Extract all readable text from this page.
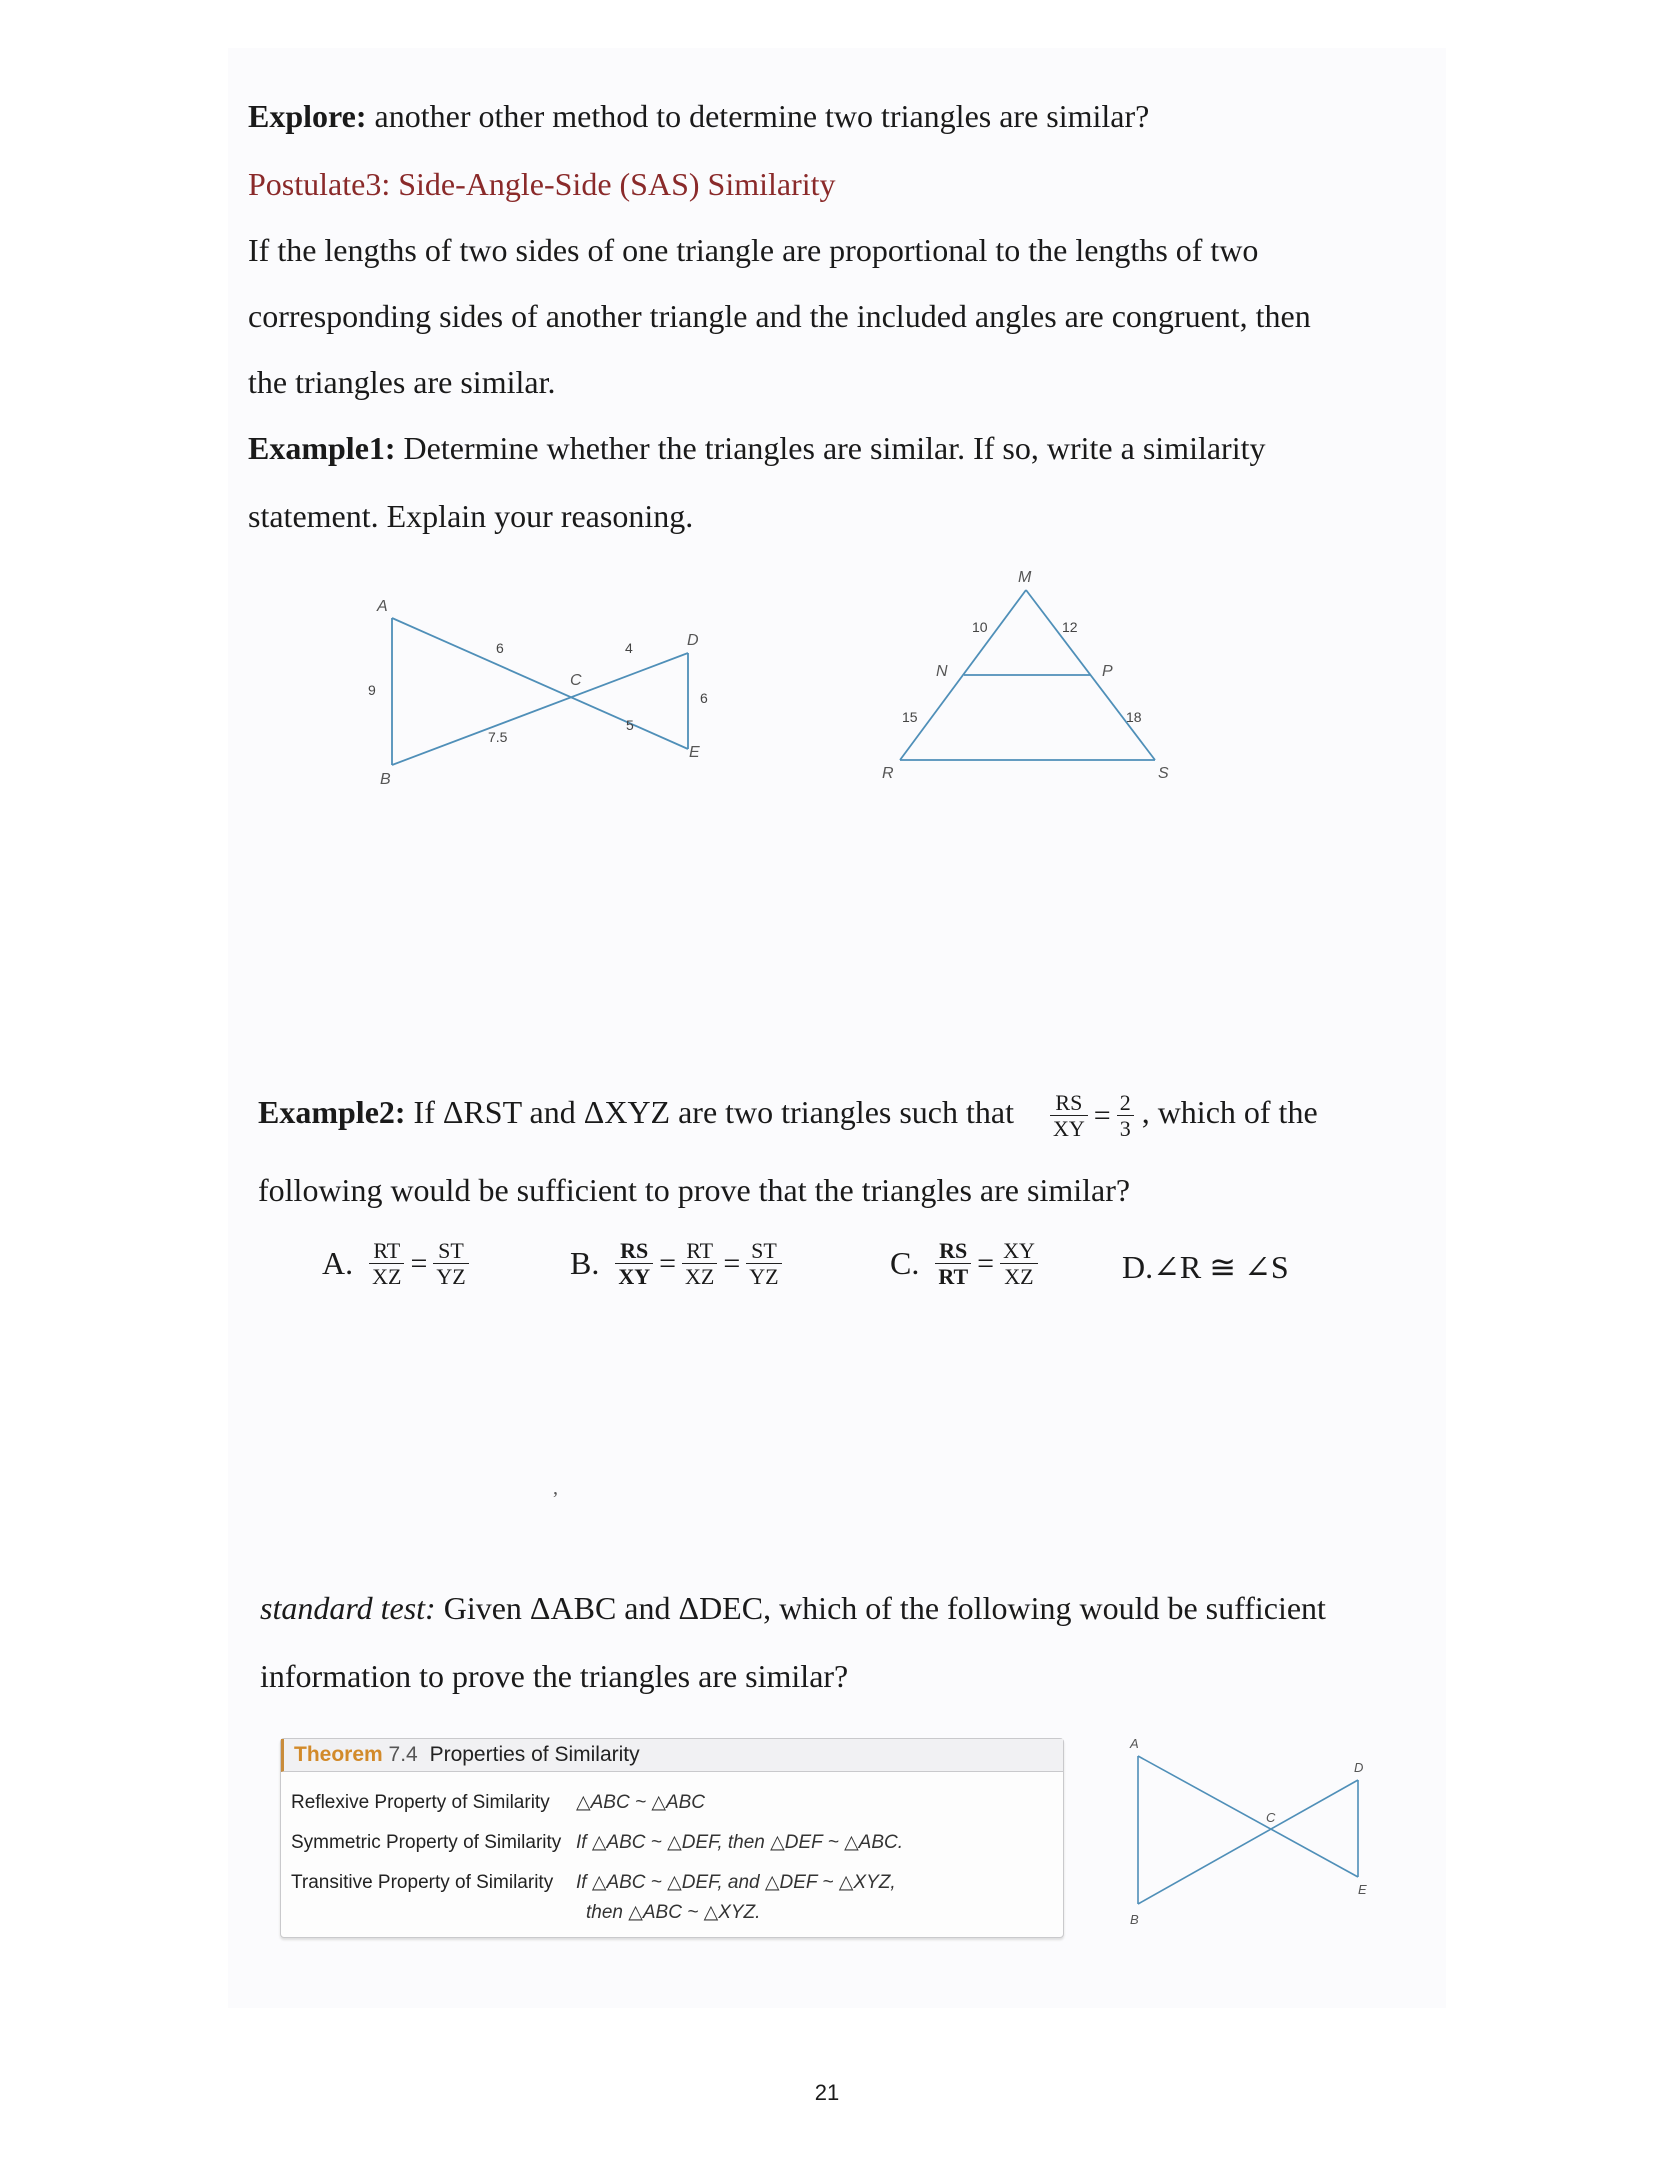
Explore: another other method to determine two triangles are similar?
Postulate3: Side-Angle-Side (SAS) Similarity
If the lengths of two sides of one triangle are proportional to the lengths of two
corresponding sides of another triangle and the included angles are congruent, then
the triangles are similar.
Example1: Determine whether the triangles are similar. If so, write a similarity
statement. Explain your reasoning.
A
B
C
D
E
9
6
7.5
4
5
6
M
N	P
R	S
10	12
15	18
Example2: If ΔRST and ΔXYZ are two triangles such that $\frac{RS}{XY} = \frac{2}{3}$ , which of the
following would be sufficient to prove that the triangles are similar?
A. $\frac{RT}{XZ} = \frac{ST}{YZ}$	B. $\frac{RS}{XY} = \frac{RT}{XZ} = \frac{ST}{YZ}$	C. $\frac{RS}{RT} = \frac{XY}{XZ}$	D.∠R ≅ ∠S
’
standard test: Given ΔABC and ΔDEC, which of the following would be sufficient
information to prove the triangles are similar?
Theorem 7.4 Properties of Similarity
Reflexive Property of Similarity △ABC ~ △ABC
Symmetric Property of Similarity If △ABC ~ △DEF, then △DEF ~ △ABC.
Transitive Property of Similarity If △ABC ~ △DEF, and △DEF ~ △XYZ,
then △ABC ~ △XYZ.
A
B
C
D
E
21
